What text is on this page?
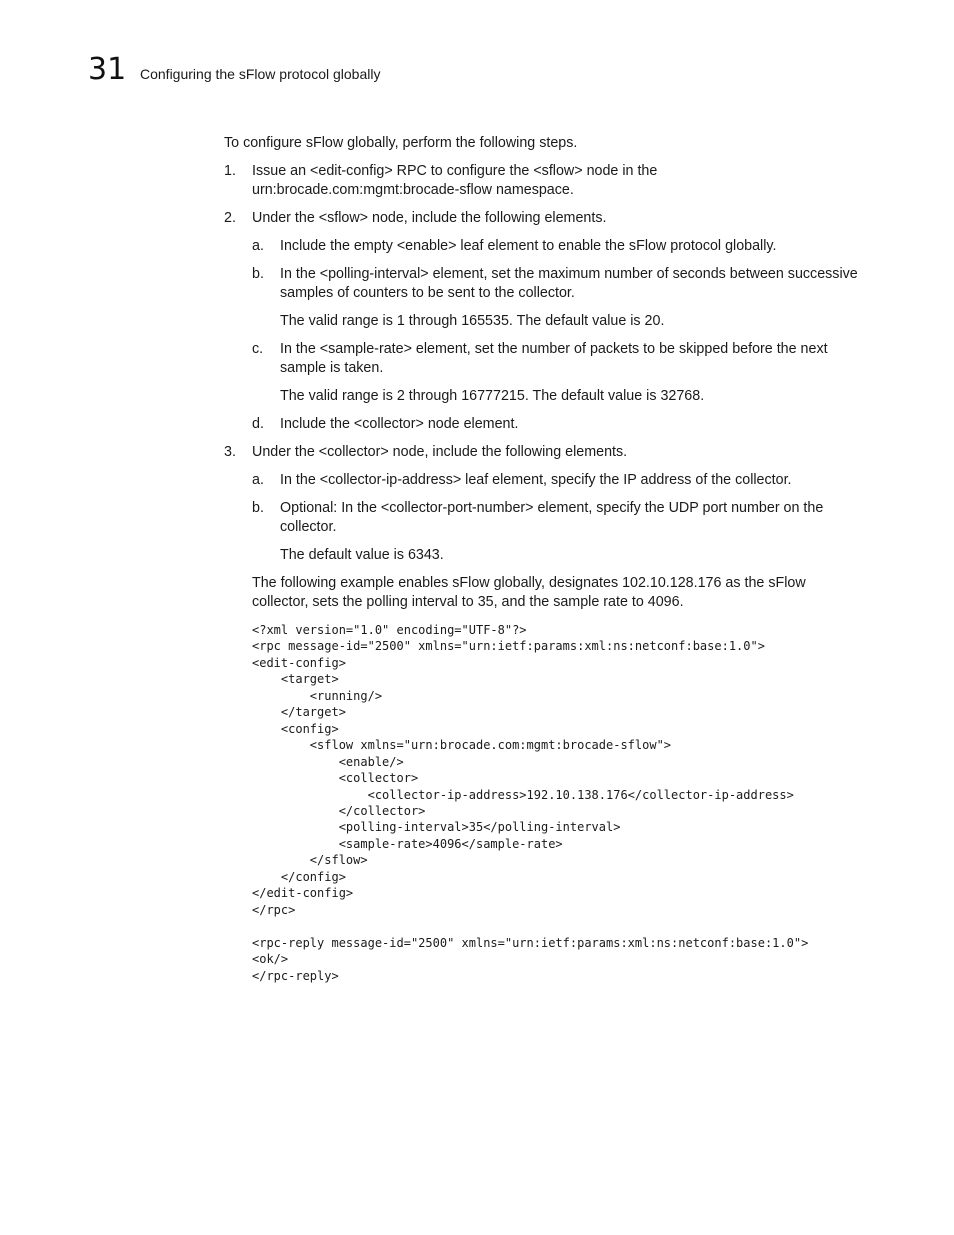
31 Configuring the sFlow protocol globally

To configure sFlow globally, perform the following steps.

1.	Issue an <edit-config> RPC to configure the <sflow> node in the urn:brocade.com:mgmt:brocade-sflow namespace.
2.	Under the <sflow> node, include the following elements.
a.	Include the empty <enable> leaf element to enable the sFlow protocol globally.
b.	In the <polling-interval> element, set the maximum number of seconds between successive samples of counters to be sent to the collector.

The valid range is 1 through 165535. The default value is 20.

c.	In the <sample-rate> element, set the number of packets to be skipped before the next sample is taken.

The valid range is 2 through 16777215. The default value is 32768.

d.	Include the <collector> node element.
3.	Under the <collector> node, include the following elements.
a.	In the <collector-ip-address> leaf element, specify the IP address of the collector.
b.	Optional: In the <collector-port-number> element, specify the UDP port number on the collector.

The default value is 6343.

The following example enables sFlow globally, designates 102.10.128.176 as the sFlow collector, sets the polling interval to 35, and the sample rate to 4096.

<?xml version="1.0" encoding="UTF-8"?>
<rpc message-id="2500" xmlns="urn:ietf:params:xml:ns:netconf:base:1.0">
<edit-config>
<target>
<running/>
</target>
<config>
<sflow xmlns="urn:brocade.com:mgmt:brocade-sflow">
<enable/>
<collector>
<collector-ip-address>192.10.138.176</collector-ip-address>
</collector>
<polling-interval>35</polling-interval>
<sample-rate>4096</sample-rate>
</sflow>
</config>
</edit-config>
</rpc>

<rpc-reply message-id="2500" xmlns="urn:ietf:params:xml:ns:netconf:base:1.0">
<ok/>
</rpc-reply>
